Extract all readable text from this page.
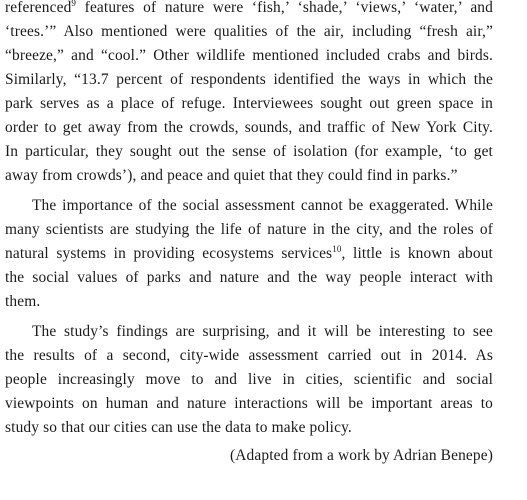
referenced$^9$ features of nature were ‘fish,’ ‘shade,’ ‘views,’ ‘water,’ and
‘trees.’” Also mentioned were qualities of the air, including “fresh air,”
“breeze,” and “cool.” Other wildlife mentioned included crabs and birds.
Similarly, “13.7 percent of respondents identified the ways in which the
park serves as a place of refuge. Interviewees sought out green space in
order to get away from the crowds, sounds, and traffic of New York City.
In particular, they sought out the sense of isolation (for example, ‘to get
away from crowds’), and peace and quiet that they could find in parks.”
The importance of the social assessment cannot be exaggerated. While
many scientists are studying the life of nature in the city, and the roles of
natural systems in providing ecosystems services$^{10}$, little is known about
the social values of parks and nature and the way people interact with
them.
The study’s findings are surprising, and it will be interesting to see
the results of a second, city-wide assessment carried out in 2014. As
people increasingly move to and live in cities, scientific and social
viewpoints on human and nature interactions will be important areas to
study so that our cities can use the data to make policy.
(Adapted from a work by Adrian Benepe)
